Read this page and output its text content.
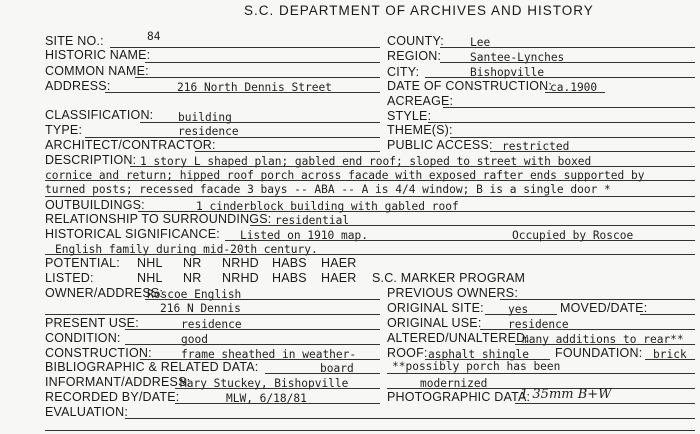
S.C. DEPARTMENT OF ARCHIVES AND HISTORY
SITE NO.:	84	COUNTY: Lee
HISTORIC NAME:	REGION:	Santee-Lynches
COMMON NAME:	CITY:	Bishopville
ADDRESS:	216 North Dennis Street	DATE OF CONSTRUCTION:
ca.1900
ACREAGE:
CLASSIFICATION: building	STYLE:
TYPE:	residence	THEME(S):
ARCHITECT/CONTRACTOR:	PUBLIC ACCESS: restricted
DESCRIPTION: 1 story L shaped plan; gabled end roof; sloped to street with boxed
cornice and return; hipped roof porch across facade with exposed rafter ends supported by
turned posts; recessed facade 3 bays -- ABA -- A is 4/4 window; B is a single door *
OUTBUILDINGS:	1 cinderblock building with gabled roof
RELATIONSHIP TO SURROUNDINGS: residential
HISTORICAL SIGNIFICANCE: Listed on 1910 map.	Occupied by Roscoe
English family during mid-20th century.
POTENTIAL: NHL NR NRHD HABS HAER
LISTED:	NHL NR NRHD HABS HAER S.C. MARKER PROGRAM
OWNER/ADDRESS:
Roscoe English
216 N Dennis
PREVIOUS OWNERS:
ORIGINAL SITE: yes	MOVED/DATE:
PRESENT USE:	residence	ORIGINAL USE: residence
CONDITION:	good	ALTERED/UNALTERED:
many additions to rear**
CONSTRUCTION:	frame sheathed in weather- ROOF: asphalt shingle FOUNDATION: brick
BIBLIOGRAPHIC & RELATED DATA:	board	**possibly porch has been
INFORMANT/ADDRESS:
Mary Stuckey, Bishopville	modernized
RECORDED BY/DATE:	MLW, 6/18/81	PHOTOGRAPHIC DATA:
1 35mm B+W
EVALUATION:
